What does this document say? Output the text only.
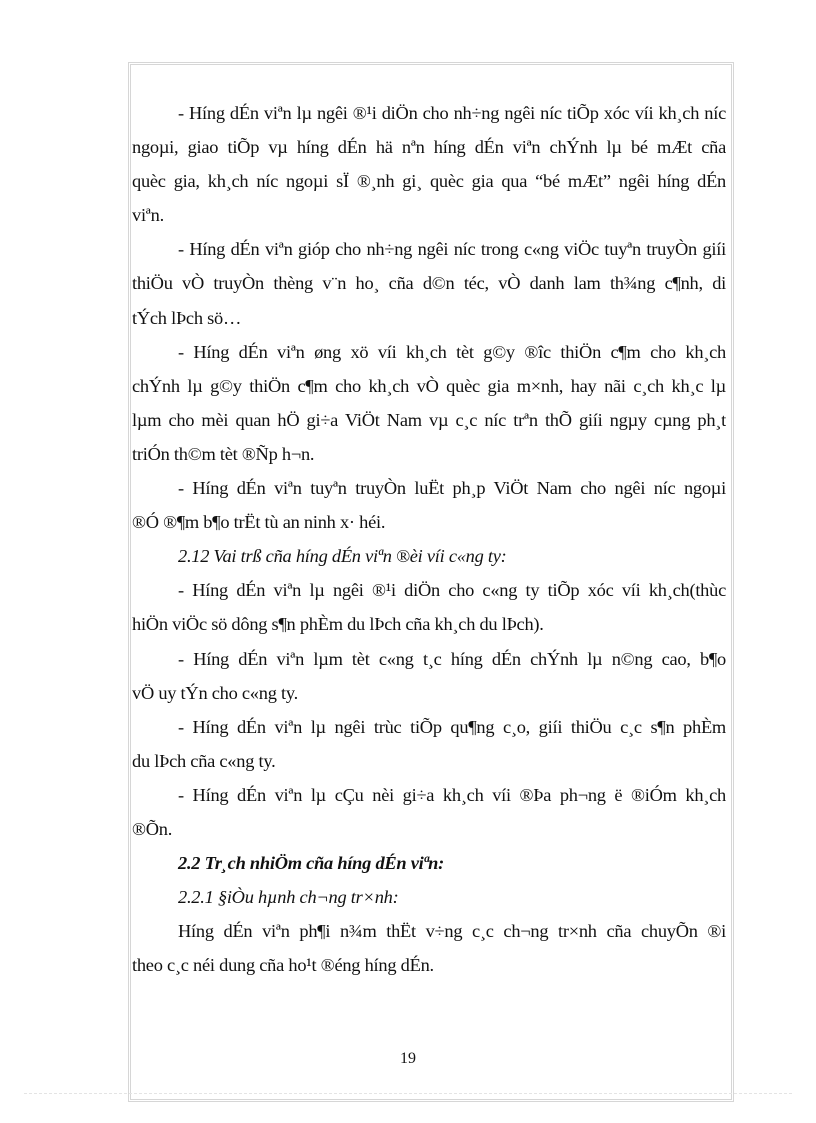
- Híng dÉn viªn lµ ngêi ®¹i diÖn cho nh÷ng ngêi níc tiÕp xóc víi kh¸ch níc
ngoµi, giao tiÕp vµ híng dÉn hä nªn híng dÉn viªn chÝnh lµ bé mÆt cña
quèc gia, kh¸ch níc ngoµi sÏ ®¸nh gi¸ quèc gia qua “bé mÆt” ngêi híng dÉn
viªn.
- Híng dÉn viªn gióp cho nh÷ng ngêi níc trong c«ng viÖc tuyªn truyÒn giíi
thiÖu vÒ truyÒn thèng v¨n ho¸ cña d©n téc, vÒ danh lam th¾ng c¶nh, di
tÝch lÞch sö…
- Híng dÉn viªn øng xö víi kh¸ch tèt g©y ®îc thiÖn c¶m cho kh¸ch
chÝnh lµ g©y thiÖn c¶m cho kh¸ch vÒ quèc gia m×nh, hay nãi c¸ch kh¸c lµ
lµm cho mèi quan hÖ gi÷a ViÖt Nam vµ c¸c níc trªn thÕ giíi ngµy cµng ph¸t
triÓn th©m tèt ®Ñp h¬n.
- Híng dÉn viªn tuyªn truyÒn luËt ph¸p ViÖt Nam cho ngêi níc ngoµi
®Ó ®¶m b¶o trËt tù an ninh x· héi.
2.12 Vai trß cña híng dÉn viªn ®èi víi c«ng ty:
- Híng dÉn viªn lµ ngêi ®¹i diÖn cho c«ng ty tiÕp xóc víi kh¸ch(thùc
hiÖn viÖc sö dông s¶n phÈm du lÞch cña kh¸ch du lÞch).
- Híng dÉn viªn lµm tèt c«ng t¸c híng dÉn chÝnh lµ n©ng cao, b¶o
vÖ uy tÝn cho c«ng ty.
- Híng dÉn viªn lµ ngêi trùc tiÕp qu¶ng c¸o, giíi thiÖu c¸c s¶n phÈm
du lÞch cña c«ng ty.
- Híng dÉn viªn lµ cÇu nèi gi÷a kh¸ch víi ®Þa ph¬ng ë ®iÓm kh¸ch
®Õn.
2.2 Tr¸ch nhiÖm cña híng dÉn viªn:
2.2.1 §iÒu hµnh ch¬ng tr×nh:
Híng dÉn viªn ph¶i n¾m thËt v÷ng c¸c ch¬ng tr×nh cña chuyÕn ®i
theo c¸c néi dung cña ho¹t ®éng híng dÉn.
19
